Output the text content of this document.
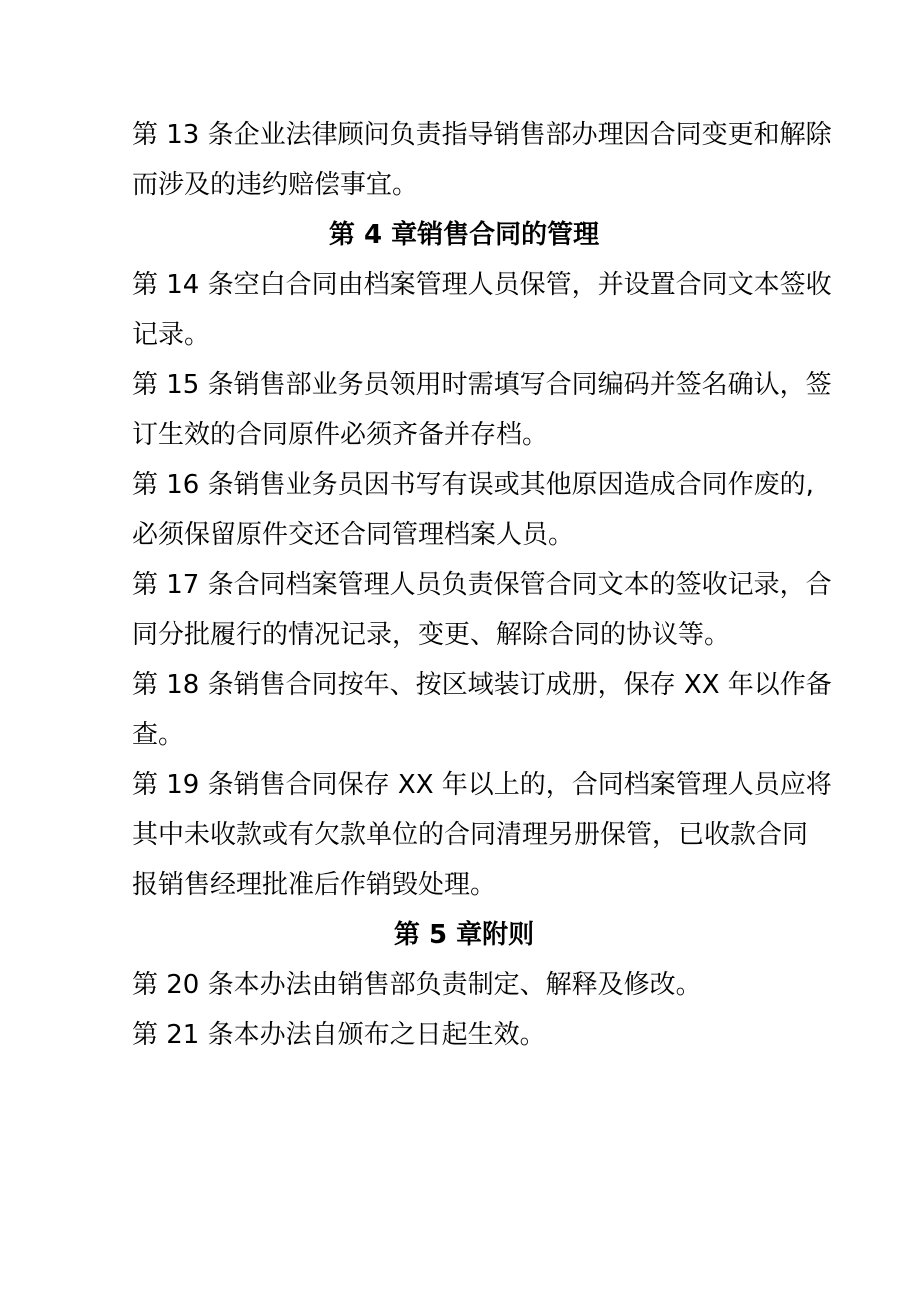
第 13 条企业法律顾问负责指导销售部办理因合同变更和解除
而涉及的违约赔偿事宜。
第 4 章销售合同的管理
第 14 条空白合同由档案管理人员保管，并设置合同文本签收
记录。
第 15 条销售部业务员领用时需填写合同编码并签名确认，签
订生效的合同原件必须齐备并存档。
第 16 条销售业务员因书写有误或其他原因造成合同作废的,
必须保留原件交还合同管理档案人员。
第 17 条合同档案管理人员负责保管合同文本的签收记录，合
同分批履行的情况记录，变更、解除合同的协议等。
第 18 条销售合同按年、按区域装订成册，保存 XX 年以作备
查。
第 19 条销售合同保存 XX 年以上的，合同档案管理人员应将
其中未收款或有欠款单位的合同清理另册保管，已收款合同
报销售经理批准后作销毁处理。
第 5 章附则
第 20 条本办法由销售部负责制定、解释及修改。
第 21 条本办法自颁布之日起生效。
